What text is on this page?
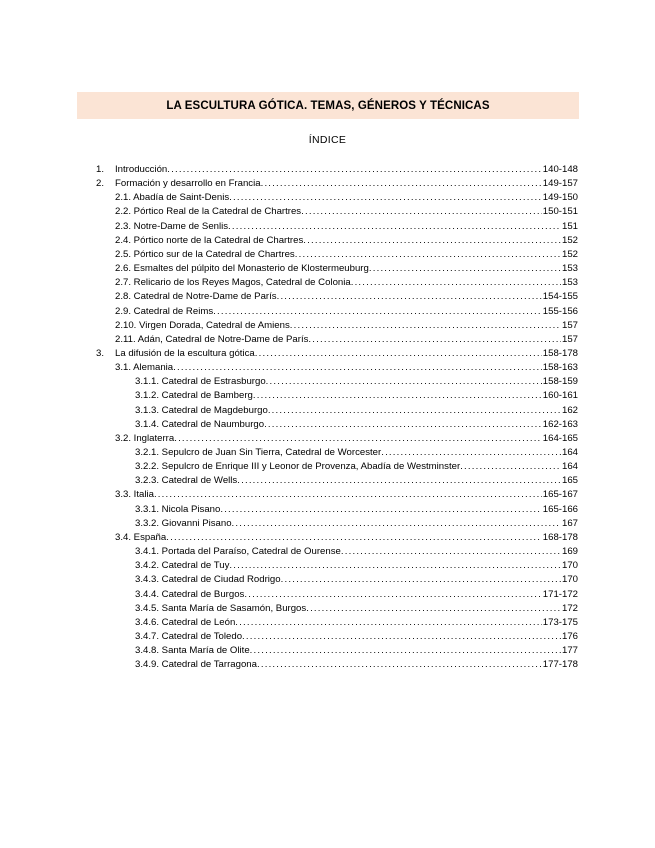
LA ESCULTURA GÓTICA. TEMAS, GÉNEROS Y TÉCNICAS
ÍNDICE
1.	Introducción .....	140-148
2.	Formación y desarrollo en Francia .....	149-157
2.1. Abadía de Saint-Denis .....	149-150
2.2. Pórtico Real de la Catedral de Chartres .....	150-151
2.3. Notre-Dame de Senlis .....	151
2.4. Pórtico norte de la Catedral de Chartres .....	152
2.5. Pórtico sur de la Catedral de Chartres .....	152
2.6. Esmaltes del púlpito del Monasterio de Klostermeuburg .....	153
2.7. Relicario de los Reyes Magos, Catedral de Colonia .....	153
2.8. Catedral de Notre-Dame de París .....	154-155
2.9. Catedral de Reims .....	155-156
2.10. Virgen Dorada, Catedral de Amiens .....	157
2.11. Adán, Catedral de Notre-Dame de París .....	157
3.	La difusión de la escultura gótica .....	158-178
3.1. Alemania .....	158-163
3.1.1. Catedral de Estrasburgo .....	158-159
3.1.2. Catedral de Bamberg .....	160-161
3.1.3. Catedral de Magdeburgo .....	162
3.1.4. Catedral de Naumburgo .....	162-163
3.2. Inglaterra .....	164-165
3.2.1. Sepulcro de Juan Sin Tierra, Catedral de Worcester .....	164
3.2.2. Sepulcro de Enrique III y Leonor de Provenza, Abadía de Westminster .....	164
3.2.3. Catedral de Wells .....	165
3.3. Italia .....	165-167
3.3.1. Nicola Pisano .....	165-166
3.3.2. Giovanni Pisano .....	167
3.4. España .....	168-178
3.4.1. Portada del Paraíso, Catedral de Ourense .....	169
3.4.2. Catedral de Tuy .....	170
3.4.3. Catedral de Ciudad Rodrigo .....	170
3.4.4. Catedral de Burgos .....	171-172
3.4.5. Santa María de Sasamón, Burgos .....	172
3.4.6. Catedral de León .....	173-175
3.4.7. Catedral de Toledo .....	176
3.4.8. Santa María de Olite .....	177
3.4.9. Catedral de Tarragona .....	177-178
